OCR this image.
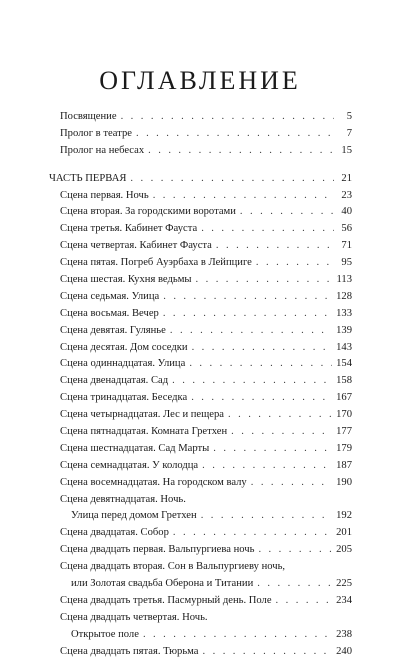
ОГЛАВЛЕНИЕ
Посвящение . . .	5
Пролог в театре . . .	7
Пролог на небесах . . .	15
ЧАСТЬ ПЕРВАЯ . . .	21
Сцена первая. Ночь . . .	23
Сцена вторая. За городскими воротами . . .	40
Сцена третья. Кабинет Фауста . . .	56
Сцена четвертая. Кабинет Фауста . . .	71
Сцена пятая. Погреб Ауэрбаха в Лейпциге . . .	95
Сцена шестая. Кухня ведьмы . . .	113
Сцена седьмая. Улица . . .	128
Сцена восьмая. Вечер . . .	133
Сцена девятая. Гулянье . . .	139
Сцена десятая. Дом соседки . . .	143
Сцена одиннадцатая. Улица . . .	154
Сцена двенадцатая. Сад . . .	158
Сцена тринадцатая. Беседка . . .	167
Сцена четырнадцатая. Лес и пещера . . .	170
Сцена пятнадцатая. Комната Гретхен . . .	177
Сцена шестнадцатая. Сад Марты . . .	179
Сцена семнадцатая. У колодца . . .	187
Сцена восемнадцатая. На городском валу . . .	190
Сцена девятнадцатая. Ночь.
Улица перед домом Гретхен . . .	192
Сцена двадцатая. Собор . . .	201
Сцена двадцать первая. Вальпургиева ночь . . .	205
Сцена двадцать вторая. Сон в Вальпургиеву ночь,
или Золотая свадьба Оберона и Титании . . .	225
Сцена двадцать третья. Пасмурный день. Поле . . .	234
Сцена двадцать четвертая. Ночь.
Открытое поле . . .	238
Сцена двадцать пятая. Тюрьма . . .	240
